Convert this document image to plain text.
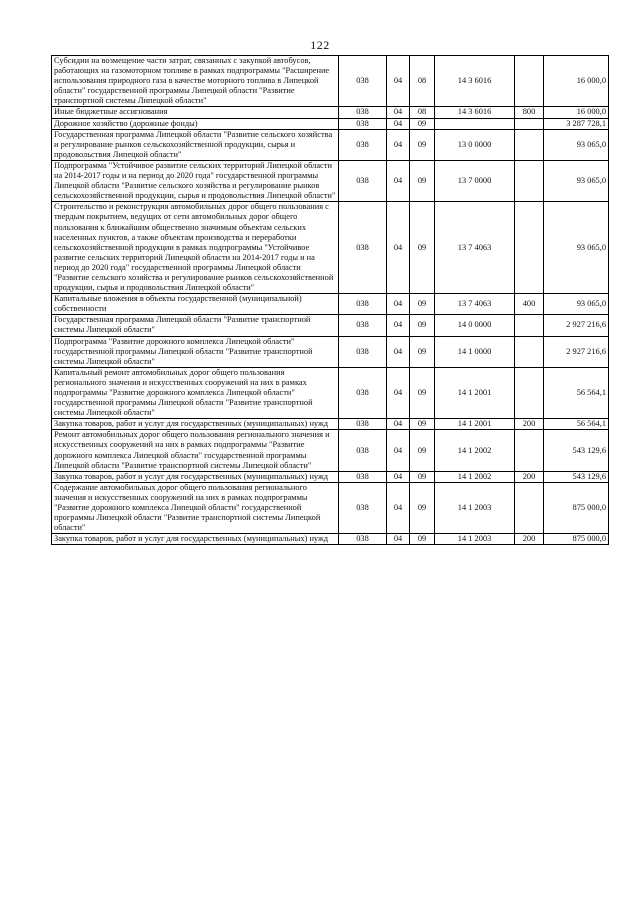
122
Субсидии на возмещение части затрат, связанных с закупкой автобусов, работающих на газомоторном топливе в рамках подпрограммы "Расширение использования природного газа в качестве моторного топлива в Липецкой области" государственной программы Липецкой области "Развитие транспортной системы Липецкой области"	038	04	08	14 3 6016		16 000,0
Иные бюджетные ассигнования	038	04	08	14 3 6016	800	16 000,0
Дорожное хозяйство (дорожные фонды)	038	04	09			3 287 728,1
Государственная программа Липецкой области "Развитие сельского хозяйства и регулирование рынков сельскохозяйственной продукции, сырья и продовольствия Липецкой области"	038	04	09	13 0 0000		93 065,0
Подпрограмма "Устойчивое развитие сельских территорий Липецкой области на 2014-2017 годы и на период до 2020 года" государственной программы Липецкой области "Развитие сельского хозяйства и регулирование рынков сельскохозяйственной продукции, сырья и продовольствия Липецкой области"	038	04	09	13 7 0000		93 065,0
Строительство и реконструкция автомобильных дорог общего пользования с твердым покрытием, ведущих от сети автомобильных дорог общего пользования к ближайшим общественно значимым объектам сельских населенных пунктов, а также объектам производства и переработки сельскохозяйственной продукции в рамках подпрограммы "Устойчивое развитие сельских территорий Липецкой области на 2014-2017 годы и на период до 2020 года" государственной программы Липецкой области "Развитие сельского хозяйства и регулирование рынков сельскохозяйственной продукции, сырья и продовольствия Липецкой области"	038	04	09	13 7 4063		93 065,0
Капитальные вложения в объекты государственной (муниципальной) собственности	038	04	09	13 7 4063	400	93 065,0
Государственная программа Липецкой области "Развитие транспортной системы Липецкой области"	038	04	09	14 0 0000		2 927 216,6
Подпрограмма "Развитие дорожного комплекса Липецкой области" государственной программы Липецкой области "Развитие транспортной системы Липецкой области"	038	04	09	14 1 0000		2 927 216,6
Капитальный ремонт автомобильных дорог общего пользования регионального значения и искусственных сооружений на них в рамках подпрограммы "Развитие дорожного комплекса Липецкой области" государственной программы Липецкой области "Развитие транспортной системы Липецкой области"	038	04	09	14 1 2001		56 564,1
Закупка товаров, работ и услуг для государственных (муниципальных) нужд	038	04	09	14 1 2001	200	56 564,1
Ремонт автомобильных дорог общего пользования регионального значения и искусственных сооружений на них в рамках подпрограммы "Развитие дорожного комплекса Липецкой области" государственной программы Липецкой области "Развитие транспортной системы Липецкой области"	038	04	09	14 1 2002		543 129,6
Закупка товаров, работ и услуг для государственных (муниципальных) нужд	038	04	09	14 1 2002	200	543 129,6
Содержание автомобильных дорог общего пользования регионального значения и искусственных сооружений на них в рамках подпрограммы "Развитие дорожного комплекса Липецкой области" государственной программы Липецкой области "Развитие транспортной системы Липецкой области"	038	04	09	14 1 2003		875 000,0
Закупка товаров, работ и услуг для государственных (муниципальных) нужд	038	04	09	14 1 2003	200	875 000,0
